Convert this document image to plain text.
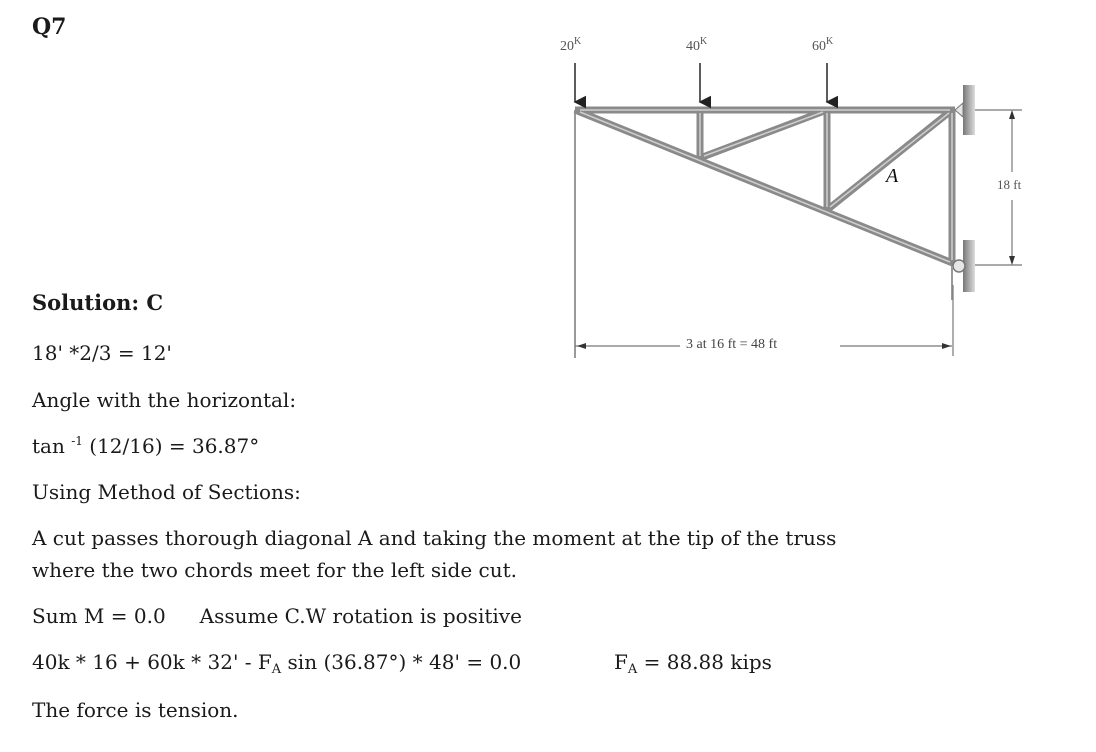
Q7
$20^K$	$40^K$	$60^K$
A	18 ft
3 at 16 ft = 48 ft
Solution: C
18' *2/3 = 12'
Angle with the horizontal:
tan $^{-1}$ (12/16) = 36.87°
Using Method of Sections:
A cut passes thorough diagonal A and taking the moment at the tip of the truss
where the two chords meet for the left side cut.
Sum M = 0.0 Assume C.W rotation is positive
$40k * 16 + 60k * 32' - F_A$ sin (36.87°) * 48' = 0.0	$F_A = 88.88$ kips
The force is tension.
